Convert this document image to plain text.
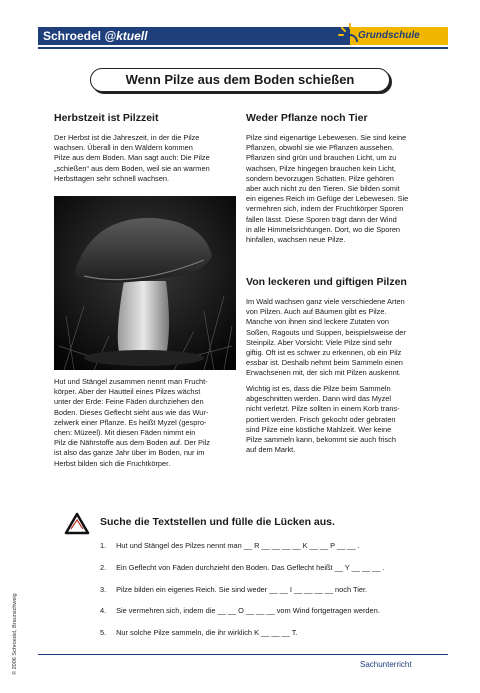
Schroedel @ktuell	Grundschule
Wenn Pilze aus dem Boden schießen
Herbstzeit ist Pilzzeit
Der Herbst ist die Jahreszeit, in der die Pilze
wachsen. Überall in den Wäldern kommen
Pilze aus dem Boden. Man sagt auch: Die Pilze
„schießen“ aus dem Boden, weil sie an warmen
Herbsttagen sehr schnell wachsen.
Hut und Stängel zusammen nennt man Frucht-
körper. Aber der Hautteil eines Pilzes wächst
unter der Erde: Feine Fäden durchziehen den
Boden. Dieses Geflecht sieht aus wie das Wur-
zelwerk einer Pflanze. Es heißt Myzel (gespro-
chen: Müzeel). Mit diesen Fäden nimmt ein
Pilz die Nährstoffe aus dem Boden auf. Der Pilz
ist also das ganze Jahr über im Boden, nur im
Herbst bilden sich die Fruchtkörper.
Weder Pflanze noch Tier
Pilze sind eigenartige Lebewesen. Sie sind keine
Pflanzen, obwohl sie wie Pflanzen aussehen.
Pflanzen sind grün und brauchen Licht, um zu
wachsen, Pilze hingegen brauchen kein Licht,
sondern bevorzugen Schatten. Pilze gehören
aber auch nicht zu den Tieren. Sie bilden somit
ein eigenes Reich im Gefüge der Lebewesen. Sie
vermehren sich, indem der Fruchtkörper Sporen
fallen lässt. Diese Sporen trägt dann der Wind
in alle Himmelsrichtungen. Dort, wo die Sporen
hinfallen, wachsen neue Pilze.
Von leckeren und giftigen Pilzen
Im Wald wachsen ganz viele verschiedene Arten
von Pilzen. Auch auf Bäumen gibt es Pilze.
Manche von ihnen sind leckere Zutaten von
Soßen, Ragouts und Suppen, beispielsweise der
Steinpilz. Aber Vorsicht: Viele Pilze sind sehr
giftig. Oft ist es schwer zu erkennen, ob ein Pilz
essbar ist. Deshalb nehmt beim Sammeln einen
Erwachsenen mit, der sich mit Pilzen auskennt.
Wichtig ist es, dass die Pilze beim Sammeln
abgeschnitten werden. Dann wird das Myzel
nicht verletzt. Pilze sollten in einem Korb trans-
portiert werden. Frisch gekocht oder gebraten
sind Pilze eine köstliche Mahlzeit. Wer keine
Pilze sammeln kann, bekommt sie auch frisch
auf dem Markt.
© 2006 Schroedel, Braunschweig
Suche die Textstellen und fülle die Lücken aus.
1. Hut und Stängel des Pilzes nennt man __ R __ __ __ __ K __ __ P __ __ .
2. Ein Geflecht von Fäden durchzieht den Boden. Das Geflecht heißt __ Y __ __ __ .
3. Pilze bilden ein eigenes Reich. Sie sind weder __ __ I __ __ __ __ noch Tier.
4. Sie vermehren sich, indem die __ __ O __ __ __ vom Wind fortgetragen werden.
5. Nur solche Pilze sammeln, die ihr wirklich K __ __ __ T.
Sachunterricht
